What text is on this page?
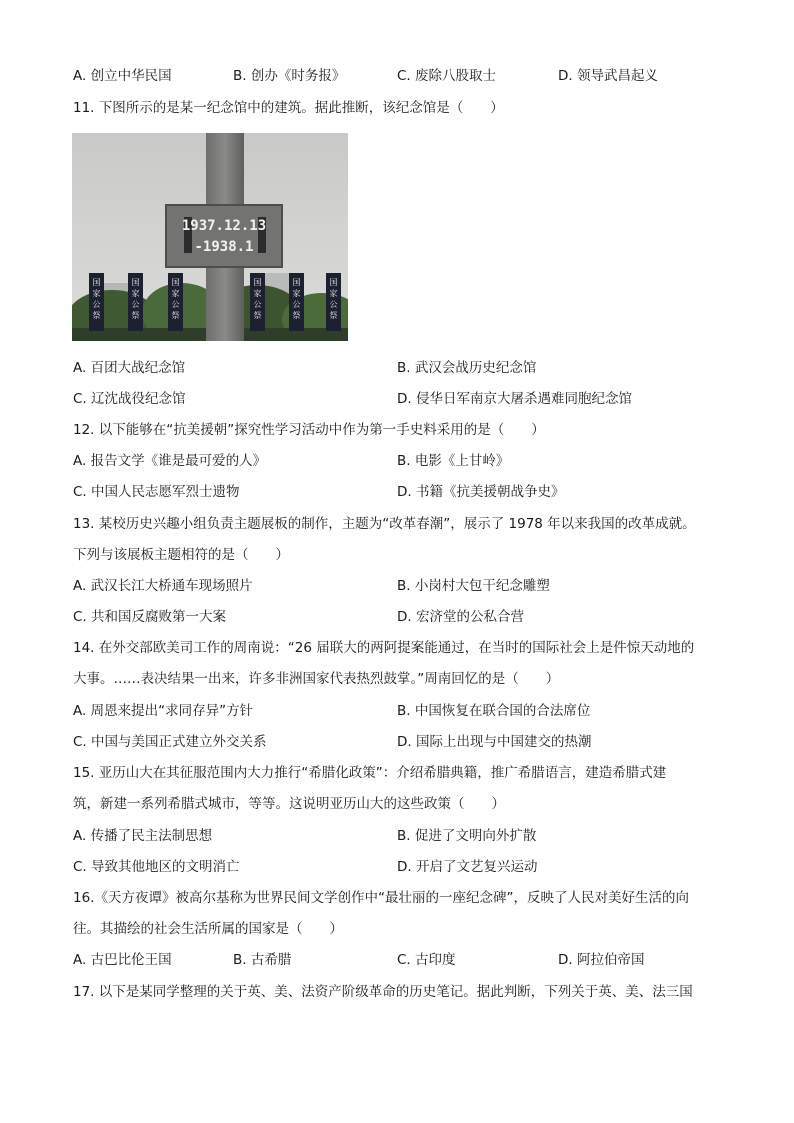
A. 创立中华民国	B. 创办《时务报》	C. 废除八股取士	D. 领导武昌起义
11. 下图所示的是某一纪念馆中的建筑。据此推断，该纪念馆是（　　）
1937.12.13
-1938.1
国家公祭
国家公祭
国家公祭
国家公祭
国家公祭
国家公祭
A. 百团大战纪念馆	B. 武汉会战历史纪念馆
C. 辽沈战役纪念馆	D. 侵华日军南京大屠杀遇难同胞纪念馆
12. 以下能够在“抗美援朝”探究性学习活动中作为第一手史料采用的是（　　）
A. 报告文学《谁是最可爱的人》	B. 电影《上甘岭》
C. 中国人民志愿军烈士遗物	D. 书籍《抗美援朝战争史》
13. 某校历史兴趣小组负责主题展板的制作，主题为“改革春潮”，展示了 1978 年以来我国的改革成就。
下列与该展板主题相符的是（　　）
A. 武汉长江大桥通车现场照片	B. 小岗村大包干纪念雕塑
C. 共和国反腐败第一大案	D. 宏济堂的公私合营
14. 在外交部欧美司工作的周南说：“26 届联大的两阿提案能通过，在当时的国际社会上是件惊天动地的
大事。……表决结果一出来，许多非洲国家代表热烈鼓掌。”周南回忆的是（　　）
A. 周恩来提出“求同存异”方针	B. 中国恢复在联合国的合法席位
C. 中国与美国正式建立外交关系	D. 国际上出现与中国建交的热潮
15. 亚历山大在其征服范围内大力推行“希腊化政策”：介绍希腊典籍，推广希腊语言，建造希腊式建
筑，新建一系列希腊式城市，等等。这说明亚历山大的这些政策（　　）
A. 传播了民主法制思想	B. 促进了文明向外扩散
C. 导致其他地区的文明消亡	D. 开启了文艺复兴运动
16.《天方夜谭》被高尔基称为世界民间文学创作中“最壮丽的一座纪念碑”，反映了人民对美好生活的向
往。其描绘的社会生活所属的国家是（　　）
A. 古巴比伦王国	B. 古希腊	C. 古印度	D. 阿拉伯帝国
17. 以下是某同学整理的关于英、美、法资产阶级革命的历史笔记。据此判断，下列关于英、美、法三国
